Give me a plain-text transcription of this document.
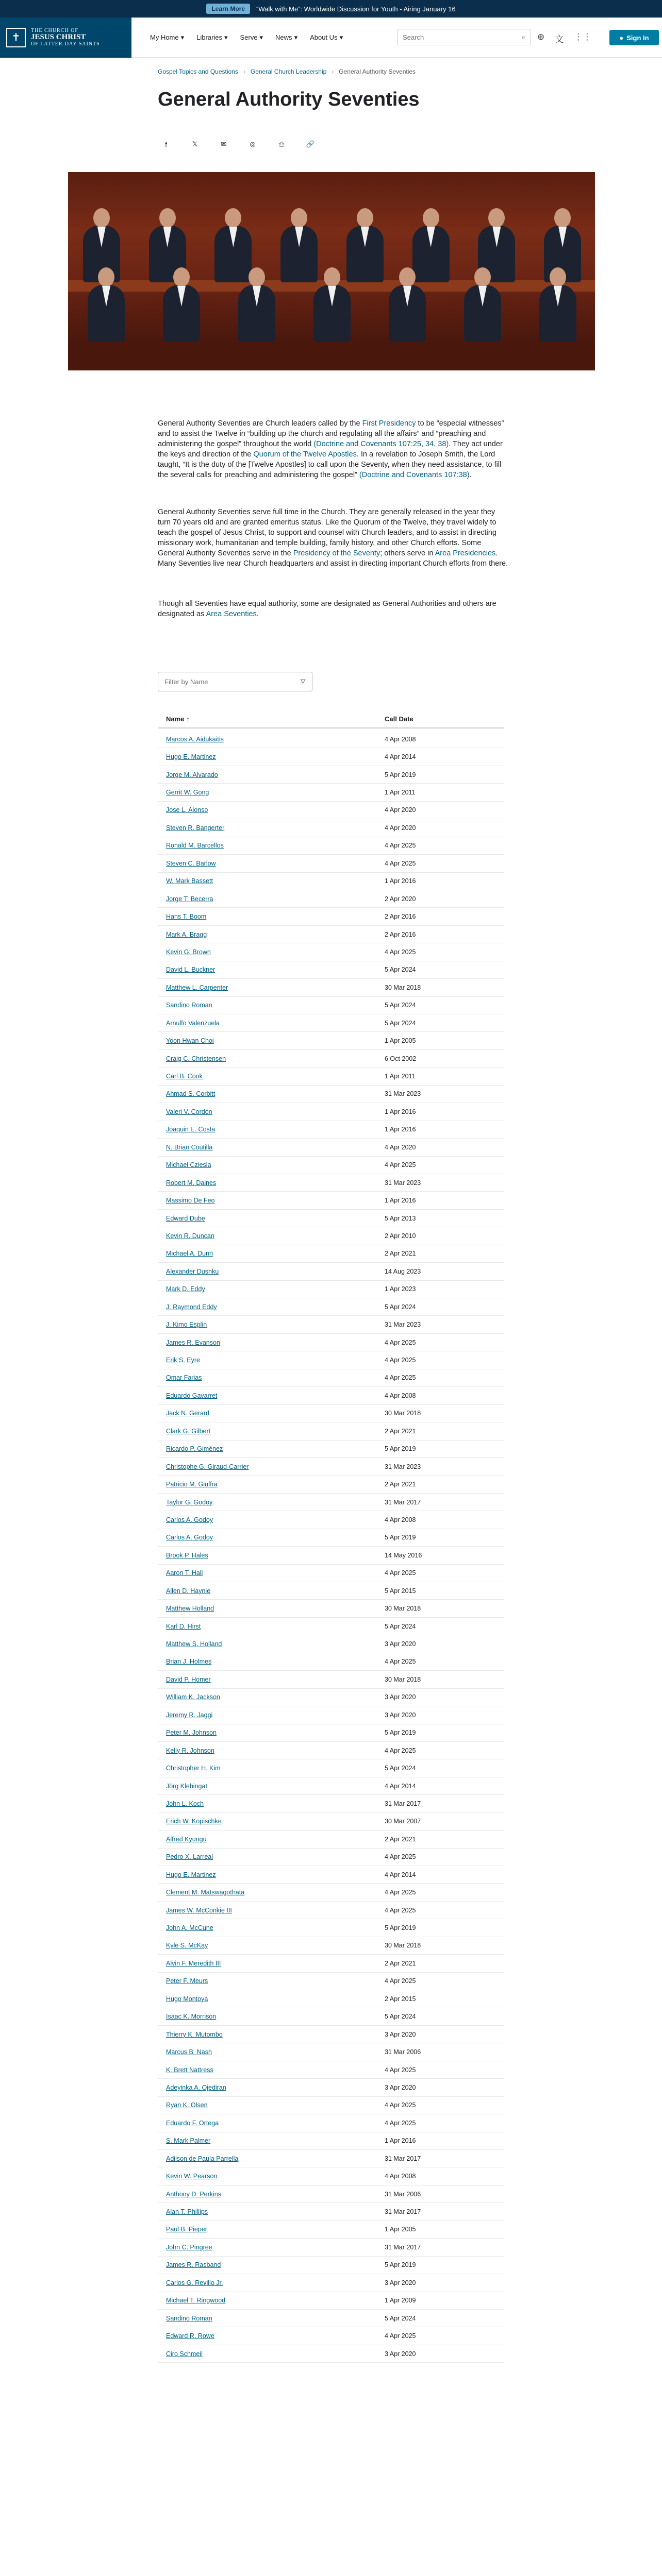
Learn More	“Walk with Me”: Worldwide Discussion for Youth - Airing January 16
✝
THE CHURCH OF
JESUS CHRIST
OF LATTER-DAY SAINTS
My Home ▾ Libraries ▾ Serve ▾ News ▾ About Us ▾	Search	⌕ ⊕ 文 ⋮⋮	● Sign In
Gospel Topics and Questions › General Church Leadership › General Authority Seventies
General Authority Seventies
f	𝕏	✉	◎	⎙	🔗
General Authority Seventies are Church leaders called by the First Presidency to be “especial witnesses” and to assist the Twelve in “building up the church and regulating all the affairs” and “preaching and administering the gospel” throughout the world (Doctrine and Covenants 107:25, 34, 38). They act under the keys and direction of the Quorum of the Twelve Apostles. In a revelation to Joseph Smith, the Lord taught, “It is the duty of the [Twelve Apostles] to call upon the Seventy, when they need assistance, to fill the several calls for preaching and administering the gospel” (Doctrine and Covenants 107:38).
General Authority Seventies serve full time in the Church. They are generally released in the year they turn 70 years old and are granted emeritus status. Like the Quorum of the Twelve, they travel widely to teach the gospel of Jesus Christ, to support and counsel with Church leaders, and to assist in directing missionary work, humanitarian and temple building, family history, and other Church efforts. Some General Authority Seventies serve in the Presidency of the Seventy; others serve in Area Presidencies. Many Seventies live near Church headquarters and assist in directing important Church efforts from there.
Though all Seventies have equal authority, some are designated as General Authorities and others are designated as Area Seventies.
Filter by Name	⛛
Name ↑	Call Date
Marcos A. Aidukaitis	4 Apr 2008
Hugo E. Martinez	4 Apr 2014
Jorge M. Alvarado	5 Apr 2019
Gerrit W. Gong	1 Apr 2011
Jose L. Alonso	4 Apr 2020
Steven R. Bangerter	4 Apr 2020
Ronald M. Barcellos	4 Apr 2025
Steven C. Barlow	4 Apr 2025
W. Mark Bassett	1 Apr 2016
Jorge T. Becerra	2 Apr 2020
Hans T. Boom	2 Apr 2016
Mark A. Bragg	2 Apr 2016
Kevin G. Brown	4 Apr 2025
David L. Buckner	5 Apr 2024
Matthew L. Carpenter	30 Mar 2018
Sandino Roman	5 Apr 2024
Arnulfo Valenzuela	5 Apr 2024
Yoon Hwan Choi	1 Apr 2005
Craig C. Christensen	6 Oct 2002
Carl B. Cook	1 Apr 2011
Ahmad S. Corbitt	31 Mar 2023
Valeri V. Cordón	1 Apr 2016
Joaquin E. Costa	1 Apr 2016
N. Brian Coutilla	4 Apr 2020
Michael Cziesla	4 Apr 2025
Robert M. Daines	31 Mar 2023
Massimo De Feo	1 Apr 2016
Edward Dube	5 Apr 2013
Kevin R. Duncan	2 Apr 2010
Michael A. Dunn	2 Apr 2021
Alexander Dushku	14 Aug 2023
Mark D. Eddy	1 Apr 2023
J. Raymond Eddy	5 Apr 2024
J. Kimo Esplin	31 Mar 2023
James R. Evanson	4 Apr 2025
Erik S. Eyre	4 Apr 2025
Omar Farias	4 Apr 2025
Eduardo Gavarret	4 Apr 2008
Jack N. Gerard	30 Mar 2018
Clark G. Gilbert	2 Apr 2021
Ricardo P. Giménez	5 Apr 2019
Christophe G. Giraud-Carrier	31 Mar 2023
Patricio M. Giuffra	2 Apr 2021
Taylor G. Godoy	31 Mar 2017
Carlos A. Godoy	4 Apr 2008
Carlos A. Godoy	5 Apr 2019
Brook P. Hales	14 May 2016
Aaron T. Hall	4 Apr 2025
Allen D. Haynie	5 Apr 2015
Matthew Holland	30 Mar 2018
Karl D. Hirst	5 Apr 2024
Matthew S. Holland	3 Apr 2020
Brian J. Holmes	4 Apr 2025
David P. Homer	30 Mar 2018
William K. Jackson	3 Apr 2020
Jeremy R. Jaggi	3 Apr 2020
Peter M. Johnson	5 Apr 2019
Kelly R. Johnson	4 Apr 2025
Christopher H. Kim	5 Apr 2024
Jörg Klebingat	4 Apr 2014
John L. Koch	31 Mar 2017
Erich W. Kopischke	30 Mar 2007
Alfred Kyungu	2 Apr 2021
Pedro X. Larreal	4 Apr 2025
Hugo E. Martinez	4 Apr 2014
Clement M. Matswagothata	4 Apr 2025
James W. McConkie III	4 Apr 2025
John A. McCune	5 Apr 2019
Kyle S. McKay	30 Mar 2018
Alvin F. Meredith III	2 Apr 2021
Peter F. Meurs	4 Apr 2025
Hugo Montoya	2 Apr 2015
Isaac K. Morrison	5 Apr 2024
Thierry K. Mutombo	3 Apr 2020
Marcus B. Nash	31 Mar 2006
K. Brett Nattress	4 Apr 2025
Adeyinka A. Ojediran	3 Apr 2020
Ryan K. Olsen	4 Apr 2025
Eduardo F. Ortega	4 Apr 2025
S. Mark Palmer	1 Apr 2016
Adilson de Paula Parrella	31 Mar 2017
Kevin W. Pearson	4 Apr 2008
Anthony D. Perkins	31 Mar 2006
Alan T. Phillips	31 Mar 2017
Paul B. Pieper	1 Apr 2005
John C. Pingree	31 Mar 2017
James R. Rasband	5 Apr 2019
Carlos G. Revillo Jr.	3 Apr 2020
Michael T. Ringwood	1 Apr 2009
Sandino Roman	5 Apr 2024
Edward R. Rowe	4 Apr 2025
Ciro Schmeil	3 Apr 2020
